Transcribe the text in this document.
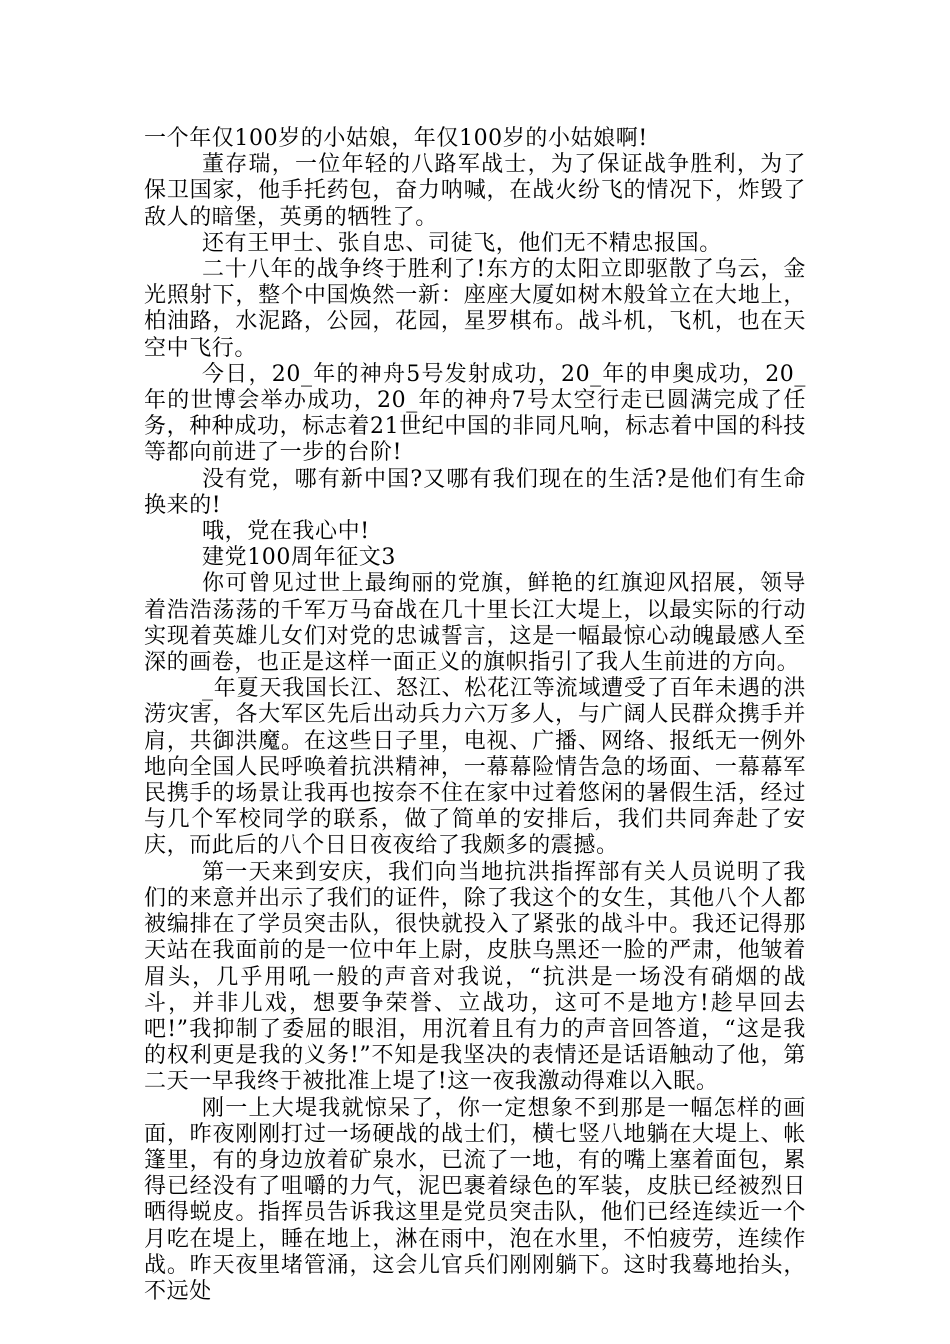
一个年仅100岁的小姑娘，年仅100岁的小姑娘啊!

董存瑞，一位年轻的八路军战士，为了保证战争胜利，为了保卫国家，他手托药包，奋力呐喊，在战火纷飞的情况下，炸毁了敌人的暗堡，英勇的牺牲了。

还有王甲士、张自忠、司徒飞，他们无不精忠报国。

二十八年的战争终于胜利了!东方的太阳立即驱散了乌云，金光照射下，整个中国焕然一新：座座大厦如树木般耸立在大地上，柏油路，水泥路，公园，花园，星罗棋布。战斗机，飞机，也在天空中飞行。

今日，20_年的神舟5号发射成功，20_年的申奥成功，20_年的世博会举办成功，20_年的神舟7号太空行走已圆满完成了任务，种种成功，标志着21世纪中国的非同凡响，标志着中国的科技等都向前进了一步的台阶!

没有党，哪有新中国?又哪有我们现在的生活?是他们有生命换来的!

哦，党在我心中!

建党100周年征文3

你可曾见过世上最绚丽的党旗，鲜艳的红旗迎风招展，领导着浩浩荡荡的千军万马奋战在几十里长江大堤上，以最实际的行动实现着英雄儿女们对党的忠诚誓言，这是一幅最惊心动魄最感人至深的画卷，也正是这样一面正义的旗帜指引了我人生前进的方向。

_年夏天我国长江、怒江、松花江等流域遭受了百年未遇的洪涝灾害，各大军区先后出动兵力六万多人，与广阔人民群众携手并肩，共御洪魔。在这些日子里，电视、广播、网络、报纸无一例外地向全国人民呼唤着抗洪精神，一幕幕险情告急的场面、一幕幕军民携手的场景让我再也按奈不住在家中过着悠闲的暑假生活，经过与几个军校同学的联系，做了简单的安排后，我们共同奔赴了安庆，而此后的八个日日夜夜给了我颇多的震撼。

第一天来到安庆，我们向当地抗洪指挥部有关人员说明了我们的来意并出示了我们的证件，除了我这个的女生，其他八个人都被编排在了学员突击队，很快就投入了紧张的战斗中。我还记得那天站在我面前的是一位中年上尉，皮肤乌黑还一脸的严肃，他皱着眉头，几乎用吼一般的声音对我说，“抗洪是一场没有硝烟的战斗，并非儿戏，想要争荣誉、立战功，这可不是地方!趁早回去吧!”我抑制了委屈的眼泪，用沉着且有力的声音回答道，“这是我的权利更是我的义务!”不知是我坚决的表情还是话语触动了他，第二天一早我终于被批准上堤了!这一夜我激动得难以入眠。

刚一上大堤我就惊呆了，你一定想象不到那是一幅怎样的画面，昨夜刚刚打过一场硬战的战士们，横七竖八地躺在大堤上、帐篷里，有的身边放着矿泉水，已流了一地，有的嘴上塞着面包，累得已经没有了咀嚼的力气，泥巴裹着绿色的军装，皮肤已经被烈日晒得蜕皮。指挥员告诉我这里是党员突击队，他们已经连续近一个月吃在堤上，睡在地上，淋在雨中，泡在水里，不怕疲劳，连续作战。昨天夜里堵管涌，这会儿官兵们刚刚躺下。这时我蓦地抬头，不远处
